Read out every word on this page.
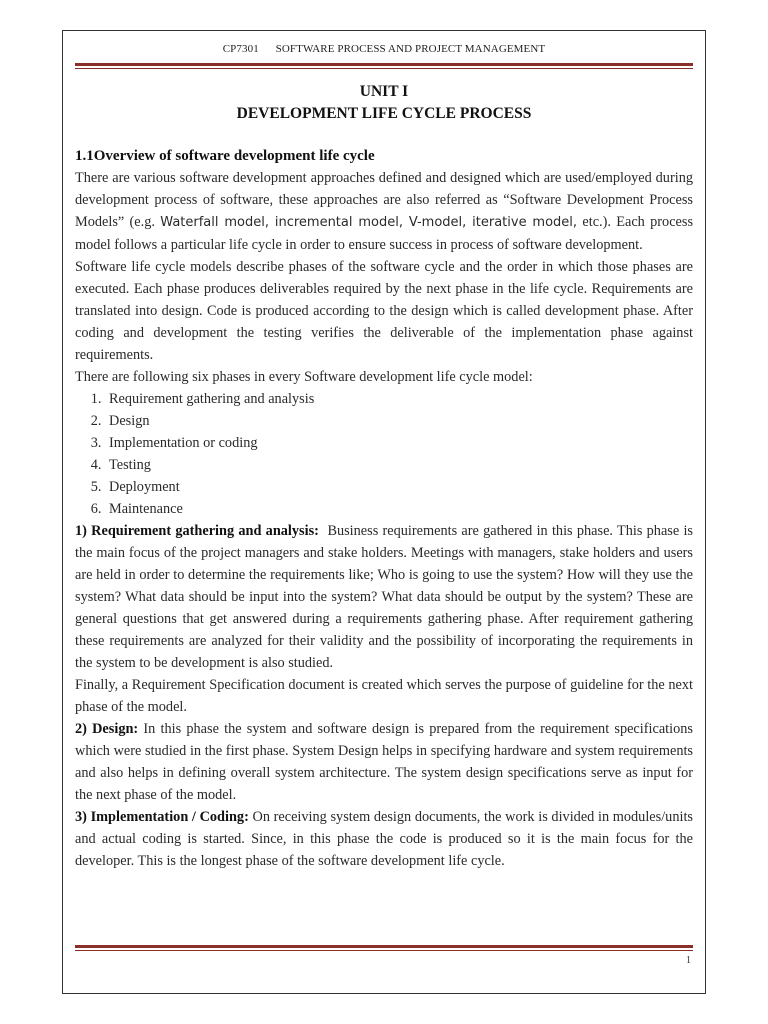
CP7301 SOFTWARE PROCESS AND PROJECT MANAGEMENT
UNIT I
DEVELOPMENT LIFE CYCLE PROCESS
1.1Overview of software development life cycle

There are various software development approaches defined and designed which are used/employed during development process of software, these approaches are also referred as “Software Development Process Models” (e.g. Waterfall model, incremental model, V-model, iterative model, etc.). Each process model follows a particular life cycle in order to ensure success in process of software development.

Software life cycle models describe phases of the software cycle and the order in which those phases are executed. Each phase produces deliverables required by the next phase in the life cycle. Requirements are translated into design. Code is produced according to the design which is called development phase. After coding and development the testing verifies the deliverable of the implementation phase against requirements.

There are following six phases in every Software development life cycle model:

1. Requirement gathering and analysis
2. Design
3. Implementation or coding
4. Testing
5. Deployment
6. Maintenance

1) Requirement gathering and analysis: Business requirements are gathered in this phase. This phase is the main focus of the project managers and stake holders. Meetings with managers, stake holders and users are held in order to determine the requirements like; Who is going to use the system? How will they use the system? What data should be input into the system? What data should be output by the system? These are general questions that get answered during a requirements gathering phase. After requirement gathering these requirements are analyzed for their validity and the possibility of incorporating the requirements in the system to be development is also studied.

Finally, a Requirement Specification document is created which serves the purpose of guideline for the next phase of the model.

2) Design: In this phase the system and software design is prepared from the requirement specifications which were studied in the first phase. System Design helps in specifying hardware and system requirements and also helps in defining overall system architecture. The system design specifications serve as input for the next phase of the model.

3) Implementation / Coding: On receiving system design documents, the work is divided in modules/units and actual coding is started. Since, in this phase the code is produced so it is the main focus for the developer. This is the longest phase of the software development life cycle.

1
